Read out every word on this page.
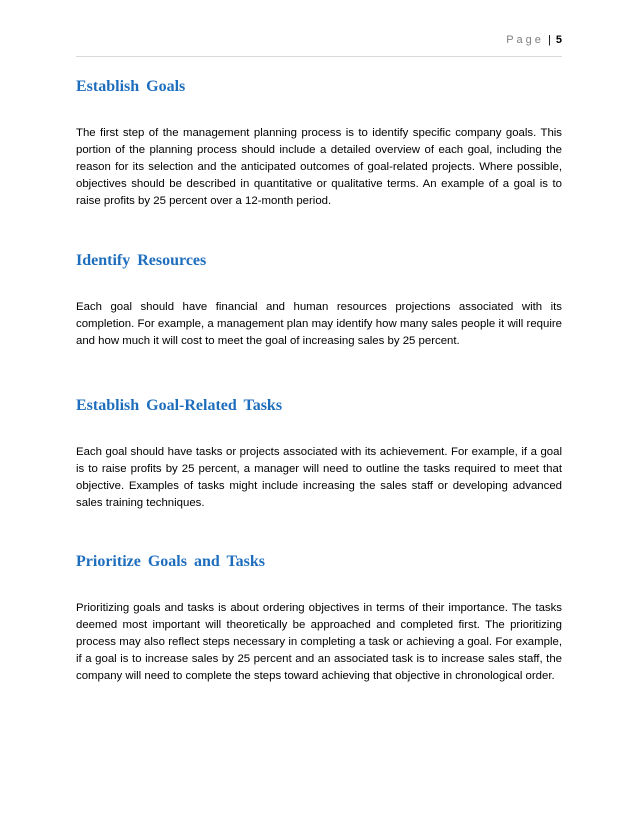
Page | 5
Establish Goals

The first step of the management planning process is to identify specific company goals. This portion of the planning process should include a detailed overview of each goal, including the reason for its selection and the anticipated outcomes of goal-related projects. Where possible, objectives should be described in quantitative or qualitative terms. An example of a goal is to raise profits by 25 percent over a 12-month period.

Identify Resources

Each goal should have financial and human resources projections associated with its completion. For example, a management plan may identify how many sales people it will require and how much it will cost to meet the goal of increasing sales by 25 percent.

Establish Goal-Related Tasks

Each goal should have tasks or projects associated with its achievement. For example, if a goal is to raise profits by 25 percent, a manager will need to outline the tasks required to meet that objective. Examples of tasks might include increasing the sales staff or developing advanced sales training techniques.

Prioritize Goals and Tasks

Prioritizing goals and tasks is about ordering objectives in terms of their importance. The tasks deemed most important will theoretically be approached and completed first. The prioritizing process may also reflect steps necessary in completing a task or achieving a goal. For example, if a goal is to increase sales by 25 percent and an associated task is to increase sales staff, the company will need to complete the steps toward achieving that objective in chronological order.
